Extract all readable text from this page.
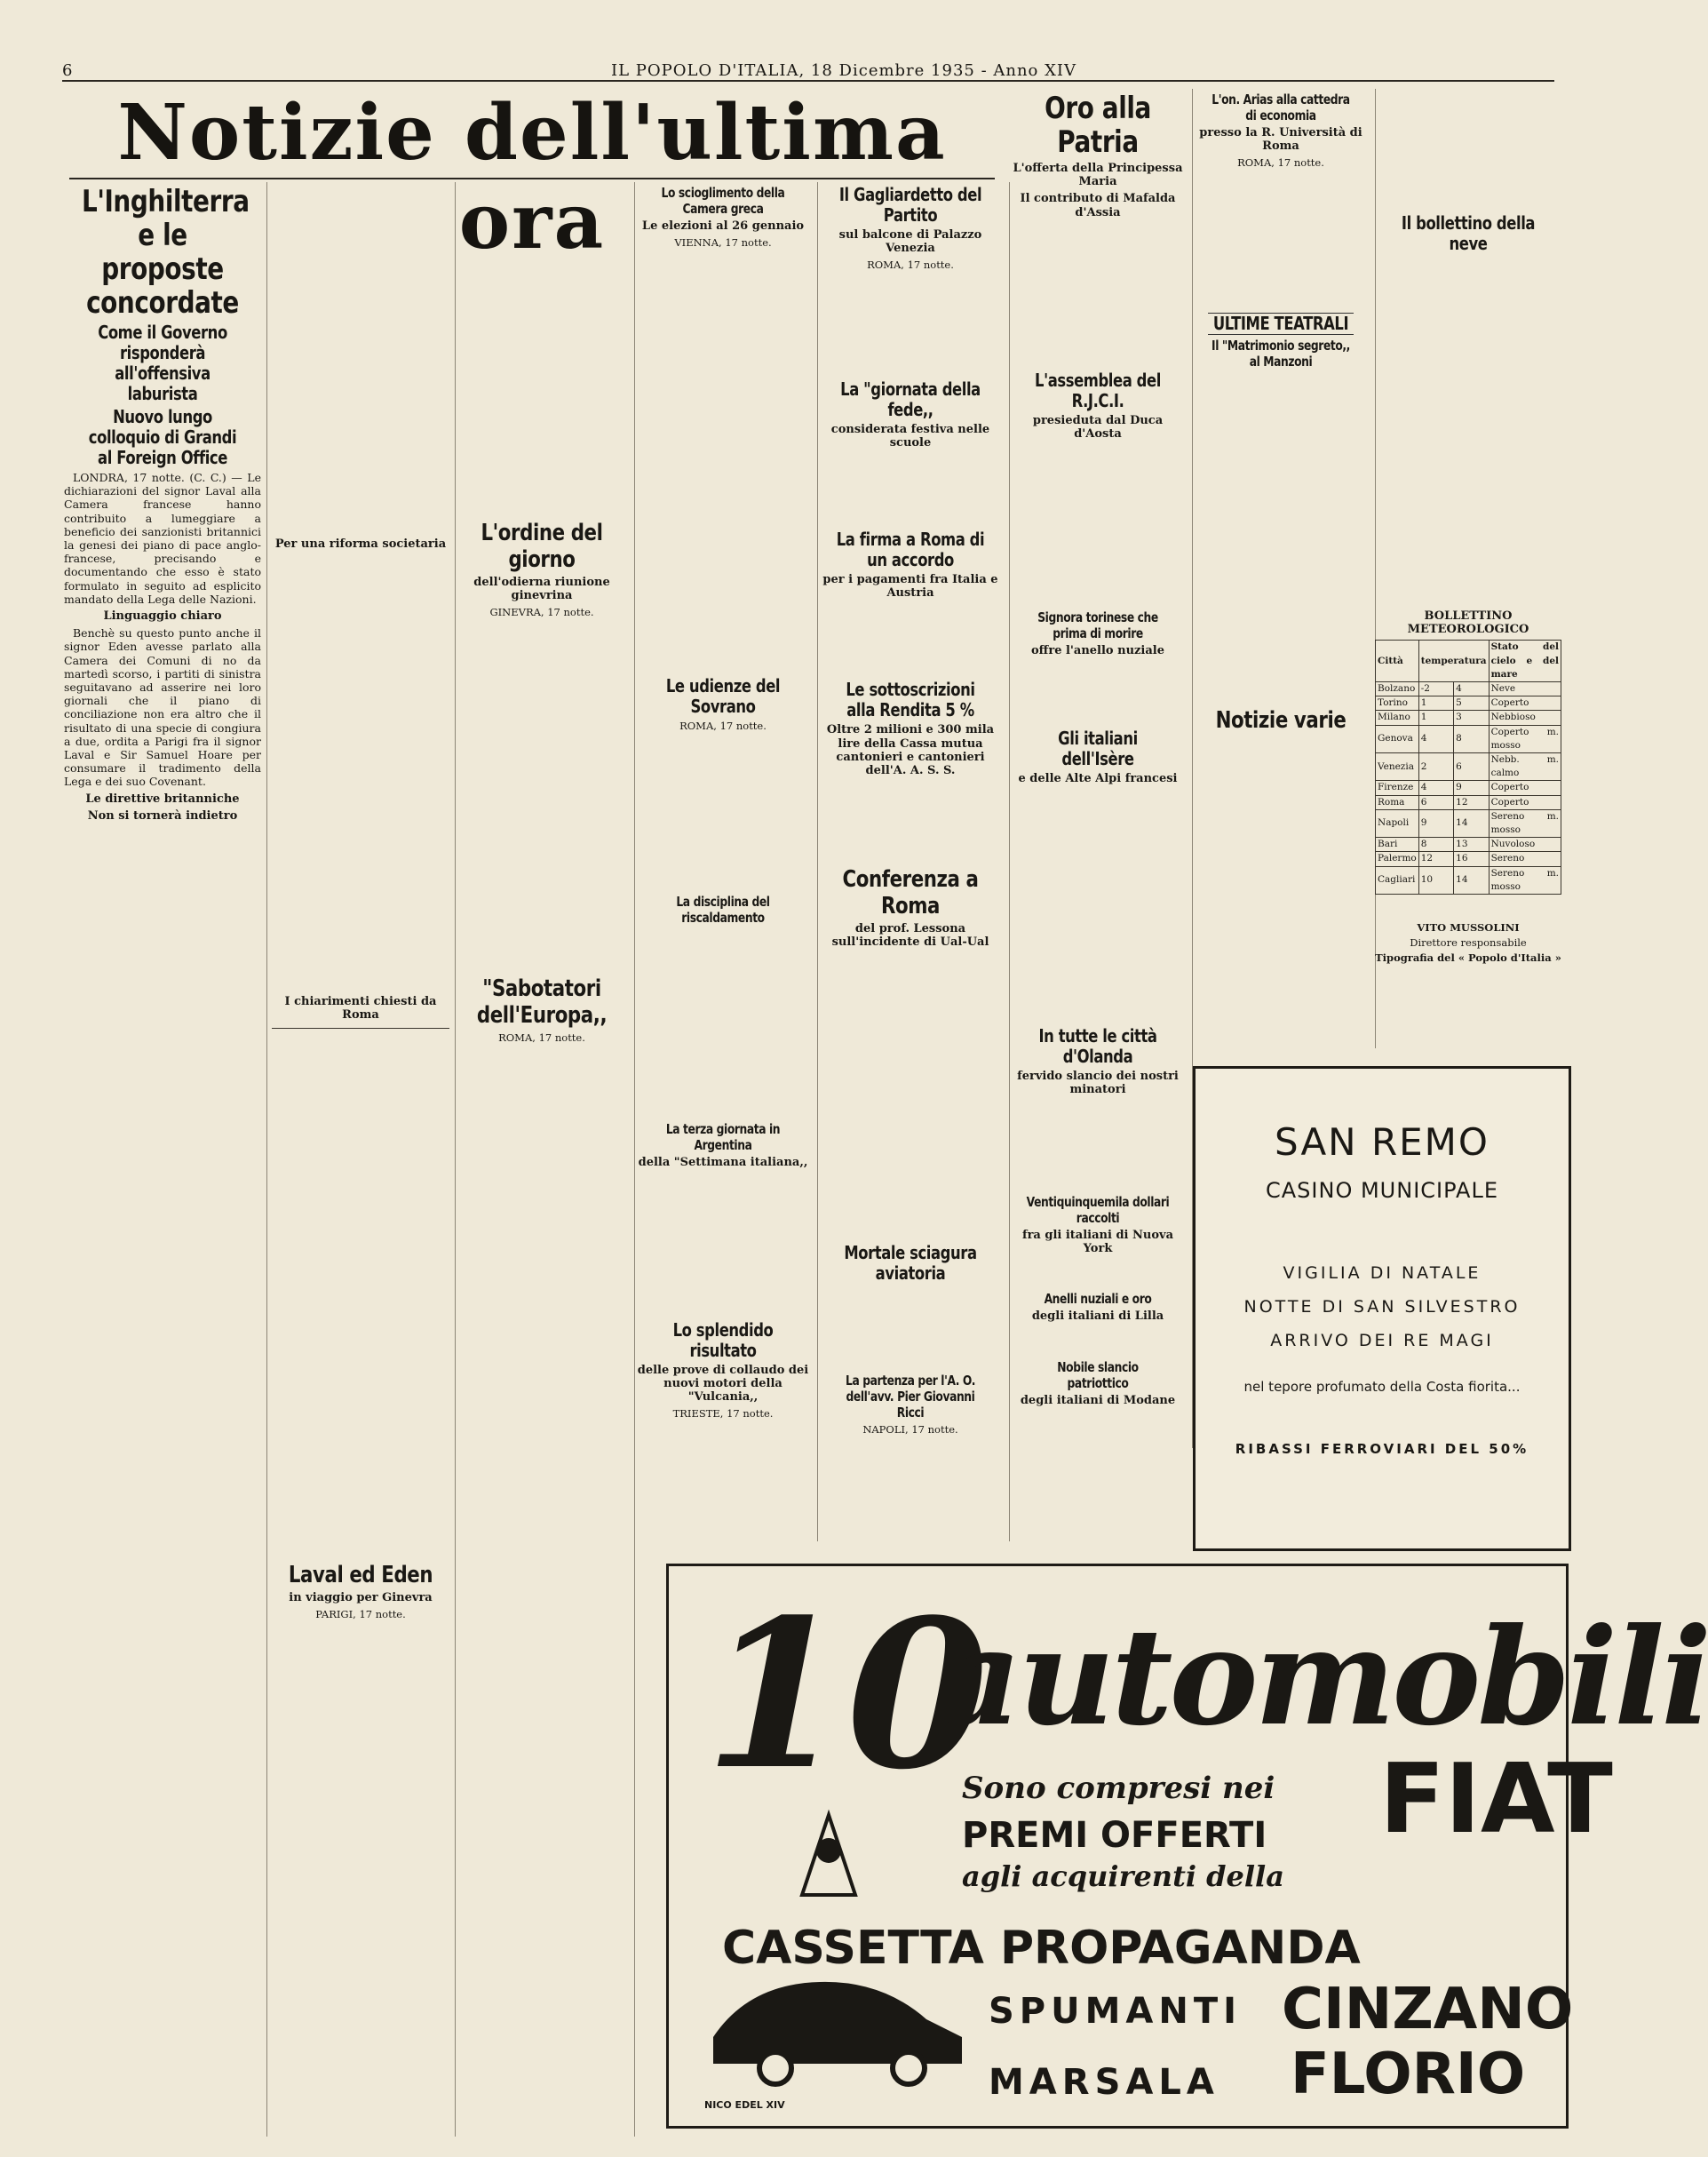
6	IL POPOLO D'ITALIA, 18 Dicembre 1935 - Anno XIV
Notizie dell'ultima ora
L'Inghilterra e le proposte concordate
Come il Governo risponderà all'offensiva laburista
Nuovo lungo colloquio di Grandi al Foreign Office

LONDRA, 17 notte. (C. C.) — Le dichiarazioni del signor Laval alla Camera francese hanno contribuito a lumeggiare a beneficio dei sanzionisti britannici la genesi dei piano di pace anglo-francese, precisando e documentando che esso è stato formulato in seguito ad esplicito mandato della Lega delle Nazioni.

Linguaggio chiaro

Benchè su questo punto anche il signor Eden avesse parlato alla Camera dei Comuni di no da martedì scorso, i partiti di sinistra seguitavano ad asserire nei loro giornali che il piano di conciliazione non era altro che il risultato di una specie di congiura a due, ordita a Parigi fra il signor Laval e Sir Samuel Hoare per consumare il tradimento della Lega e dei suo Covenant.

Le direttive britanniche
Non si tornerà indietro
Per una riforma societaria
I chiarimenti chiesti da Roma
Laval ed Eden
in viaggio per Ginevra
PARIGI, 17 notte.
L'ordine del giorno
dell'odierna riunione ginevrina
GINEVRA, 17 notte.
"Sabotatori dell'Europa,,
ROMA, 17 notte.
Lo scioglimento della Camera greca
Le elezioni al 26 gennaio
VIENNA, 17 notte.
Le udienze del Sovrano
ROMA, 17 notte.
La disciplina del riscaldamento
La terza giornata in Argentina
della "Settimana italiana,,
Lo splendido risultato
delle prove di collaudo dei nuovi motori della "Vulcania,,
TRIESTE, 17 notte.
Il Gagliardetto del Partito
sul balcone di Palazzo Venezia
ROMA, 17 notte.
La "giornata della fede,,
considerata festiva nelle scuole
La firma a Roma di un accordo
per i pagamenti fra Italia e Austria
Le sottoscrizioni alla Rendita 5 %
Oltre 2 milioni e 300 mila lire della Cassa mutua cantonieri e cantonieri dell'A. A. S. S.
Conferenza a Roma
del prof. Lessona sull'incidente di Ual-Ual
Mortale sciagura aviatoria
La partenza per l'A. O. dell'avv. Pier Giovanni Ricci
NAPOLI, 17 notte.
Oro alla Patria
L'offerta della Principessa Maria
Il contributo di Mafalda d'Assia
L'assemblea del R.J.C.I.
presieduta dal Duca d'Aosta
Signora torinese che prima di morire
offre l'anello nuziale
Gli italiani dell'Isère
e delle Alte Alpi francesi
In tutte le città d'Olanda
fervido slancio dei nostri minatori
Ventiquinquemila dollari raccolti
fra gli italiani di Nuova York
Anelli nuziali e oro
degli italiani di Lilla
Nobile slancio patriottico
degli italiani di Modane
L'on. Arias alla cattedra di economia
presso la R. Università di Roma
ROMA, 17 notte.
ULTIME TEATRALI
Il "Matrimonio segreto,, al Manzoni
Notizie varie
Il bollettino della neve
BOLLETTINO METEOROLOGICO
Città	temperatura		Stato del cielo e del mare
Bolzano	-2	4	Neve
Torino	1	5	Coperto
Milano	1	3	Nebbioso
Genova	4	8	Coperto m. mosso
Venezia	2	6	Nebb. m. calmo
Firenze	4	9	Coperto
Roma	6	12	Coperto
Napoli	9	14	Sereno m. mosso
Bari	8	13	Nuvoloso
Palermo	12	16	Sereno
Cagliari	10	14	Sereno m. mosso
VITO MUSSOLINI
Direttore responsabile
Tipografia del « Popolo d'Italia »
SAN REMO
CASINO MUNICIPALE
VIGILIA DI NATALE
NOTTE DI SAN SILVESTRO
ARRIVO DEI RE MAGI
nel tepore profumato della Costa fiorita...
RIBASSI FERROVIARI DEL 50%
10
automobili
Sono compresi nei
PREMI OFFERTI
agli acquirenti della
CASSETTA PROPAGANDA
FIAT
SPUMANTI CINZANO
MARSALA FLORIO
NICO EDEL XIV
